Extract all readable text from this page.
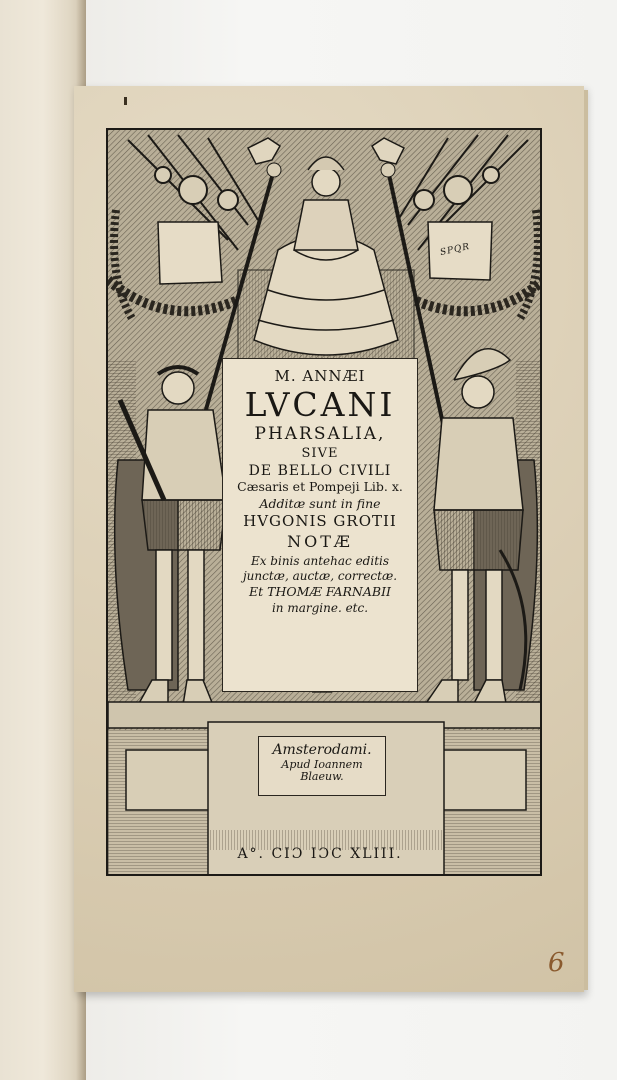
M. ANNÆI
LVCANI
PHARSALIA,
SIVE
DE BELLO CIVILI
Cæsaris et Pompeji Lib. x.
Additæ sunt in fine
HVGONIS GROTII
NOTÆ
Ex binis antehac editis
junctæ, auctæ, correctæ.
Et THOMÆ FARNABII
in margine. etc.
SPQR
Amsterodami.
Apud Ioannem
Blaeuw.
A°. CIƆ IƆC XLIII.
6
